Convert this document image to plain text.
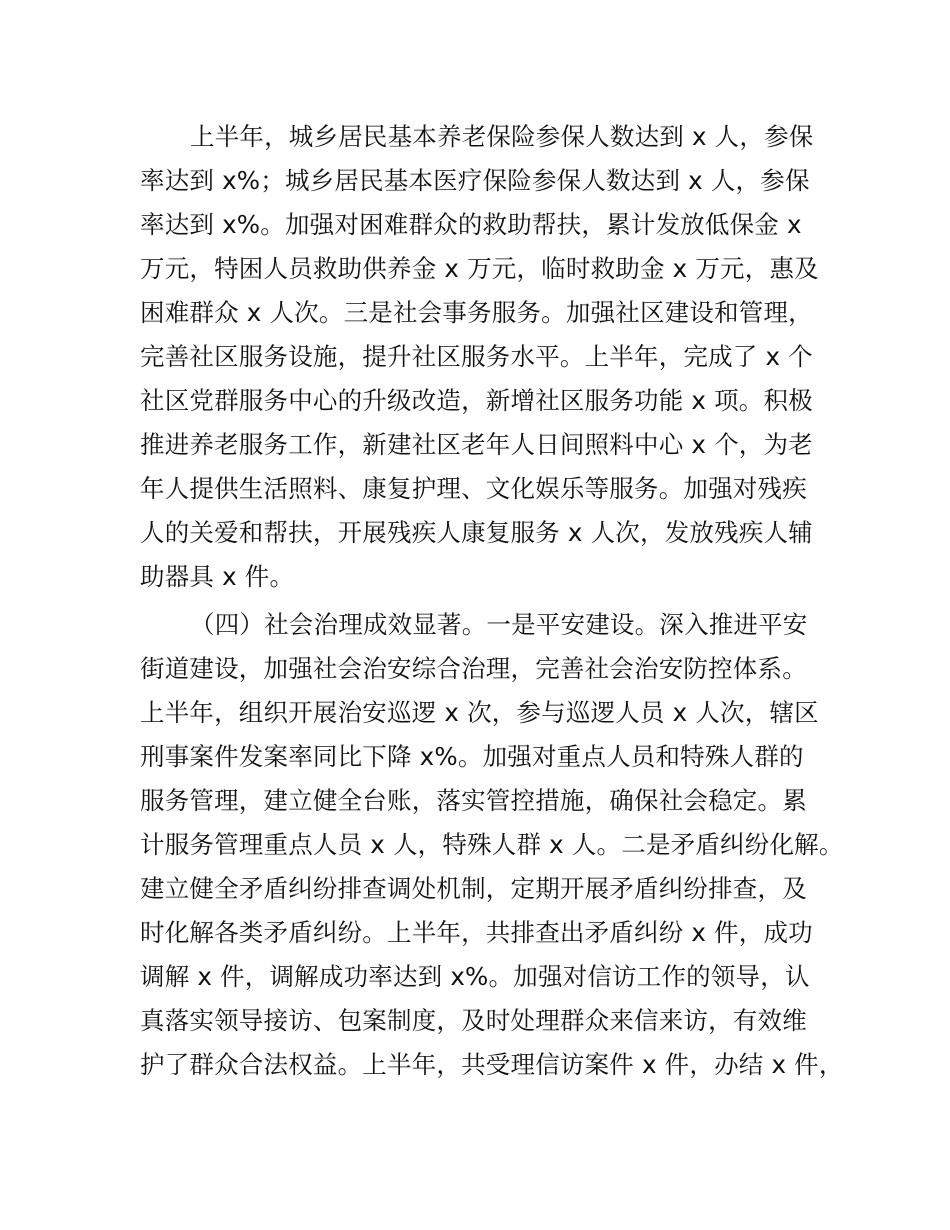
上半年，城乡居民基本养老保险参保人数达到 x 人，参保
率达到 x%；城乡居民基本医疗保险参保人数达到 x 人，参保
率达到 x%。加强对困难群众的救助帮扶，累计发放低保金 x
万元，特困人员救助供养金 x 万元，临时救助金 x 万元，惠及
困难群众 x 人次。三是社会事务服务。加强社区建设和管理，
完善社区服务设施，提升社区服务水平。上半年，完成了 x 个
社区党群服务中心的升级改造，新增社区服务功能 x 项。积极
推进养老服务工作，新建社区老年人日间照料中心 x 个，为老
年人提供生活照料、康复护理、文化娱乐等服务。加强对残疾
人的关爱和帮扶，开展残疾人康复服务 x 人次，发放残疾人辅
助器具 x 件。
（四）社会治理成效显著。一是平安建设。深入推进平安
街道建设，加强社会治安综合治理，完善社会治安防控体系。
上半年，组织开展治安巡逻 x 次，参与巡逻人员 x 人次，辖区
刑事案件发案率同比下降 x%。加强对重点人员和特殊人群的
服务管理，建立健全台账，落实管控措施，确保社会稳定。累
计服务管理重点人员 x 人，特殊人群 x 人。二是矛盾纠纷化解。
建立健全矛盾纠纷排查调处机制，定期开展矛盾纠纷排查，及
时化解各类矛盾纠纷。上半年，共排查出矛盾纠纷 x 件，成功
调解 x 件，调解成功率达到 x%。加强对信访工作的领导，认
真落实领导接访、包案制度，及时处理群众来信来访，有效维
护了群众合法权益。上半年，共受理信访案件 x 件，办结 x 件，
